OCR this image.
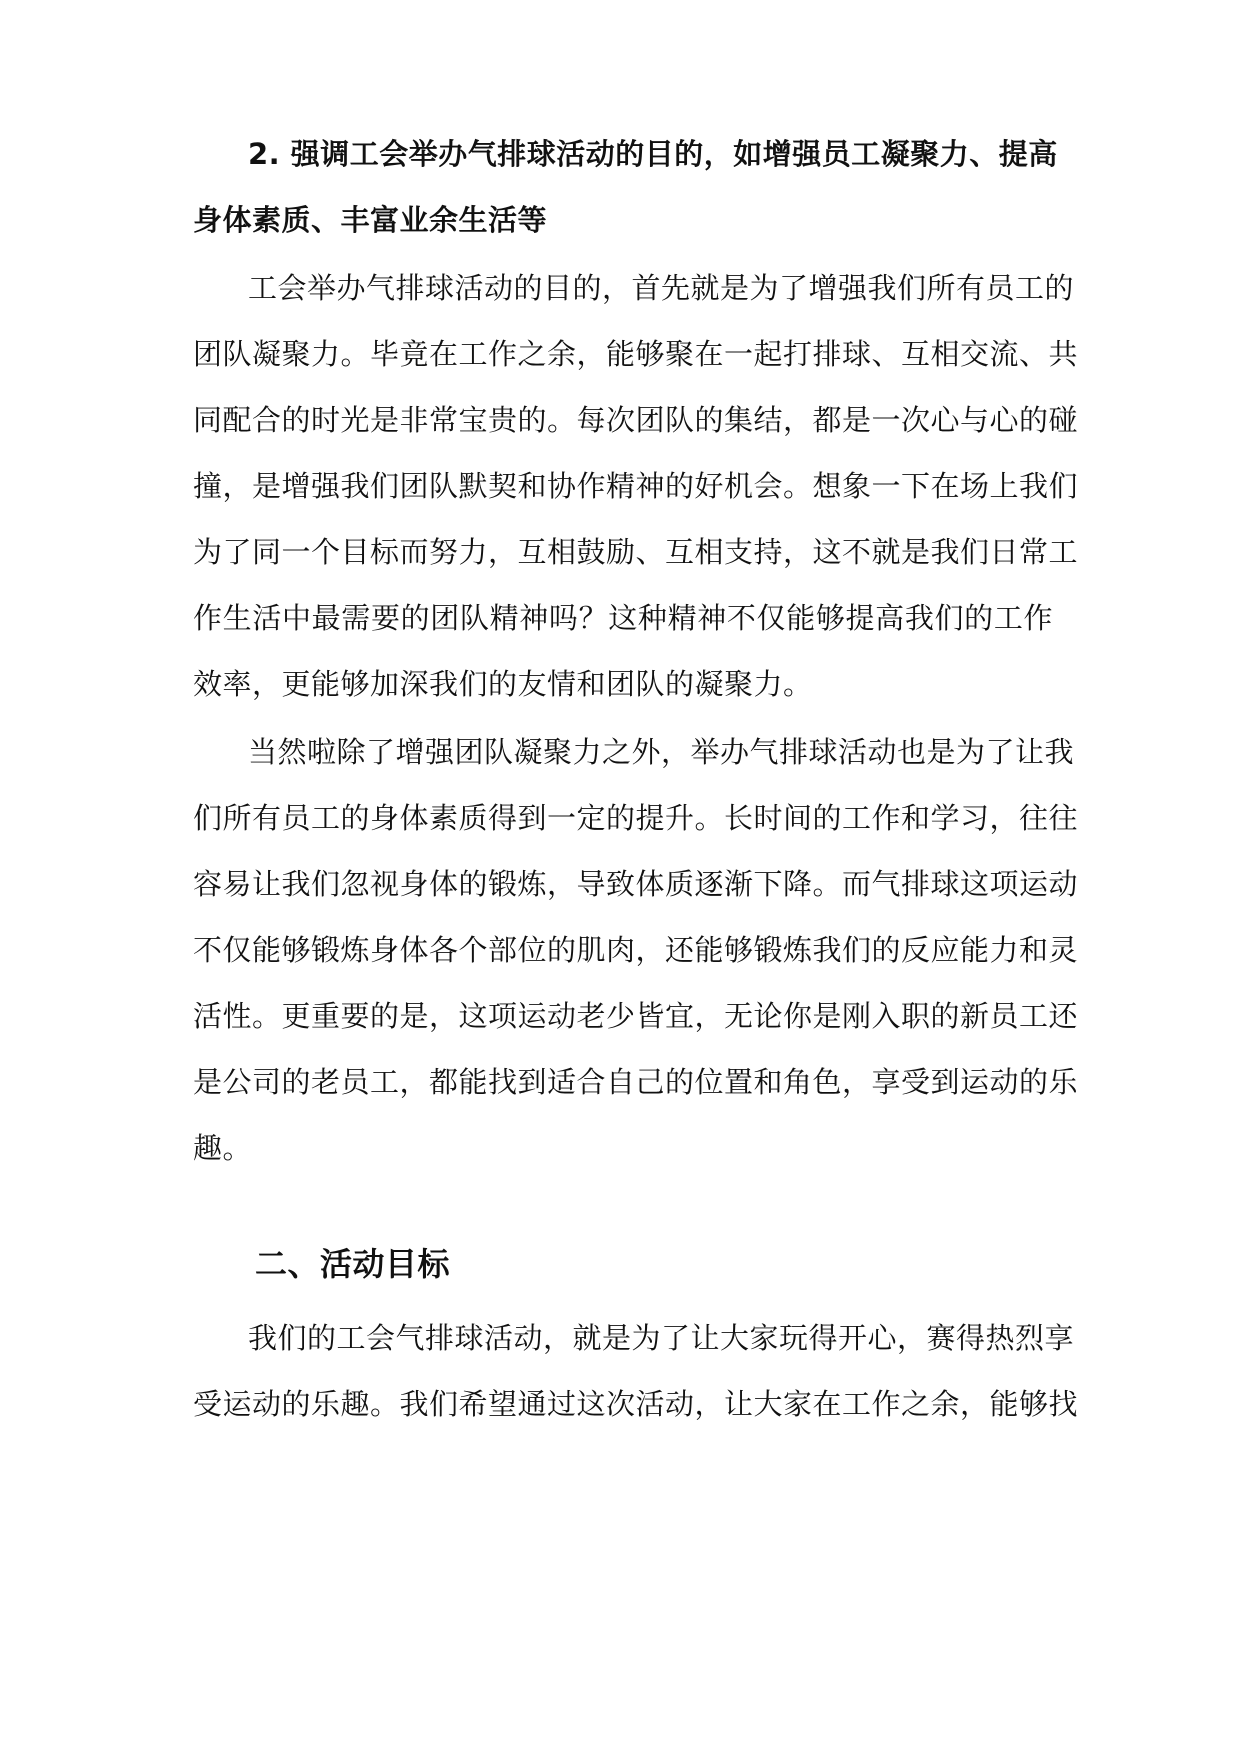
2. 强调工会举办气排球活动的目的，如增强员工凝聚力、提高
身体素质、丰富业余生活等
工会举办气排球活动的目的，首先就是为了增强我们所有员工的
团队凝聚力。毕竟在工作之余，能够聚在一起打排球、互相交流、共
同配合的时光是非常宝贵的。每次团队的集结，都是一次心与心的碰
撞，是增强我们团队默契和协作精神的好机会。想象一下在场上我们
为了同一个目标而努力，互相鼓励、互相支持，这不就是我们日常工
作生活中最需要的团队精神吗？这种精神不仅能够提高我们的工作
效率，更能够加深我们的友情和团队的凝聚力。
当然啦除了增强团队凝聚力之外，举办气排球活动也是为了让我
们所有员工的身体素质得到一定的提升。长时间的工作和学习，往往
容易让我们忽视身体的锻炼，导致体质逐渐下降。而气排球这项运动
不仅能够锻炼身体各个部位的肌肉，还能够锻炼我们的反应能力和灵
活性。更重要的是，这项运动老少皆宜，无论你是刚入职的新员工还
是公司的老员工，都能找到适合自己的位置和角色，享受到运动的乐
趣。
二、活动目标
我们的工会气排球活动，就是为了让大家玩得开心，赛得热烈享
受运动的乐趣。我们希望通过这次活动，让大家在工作之余，能够找
